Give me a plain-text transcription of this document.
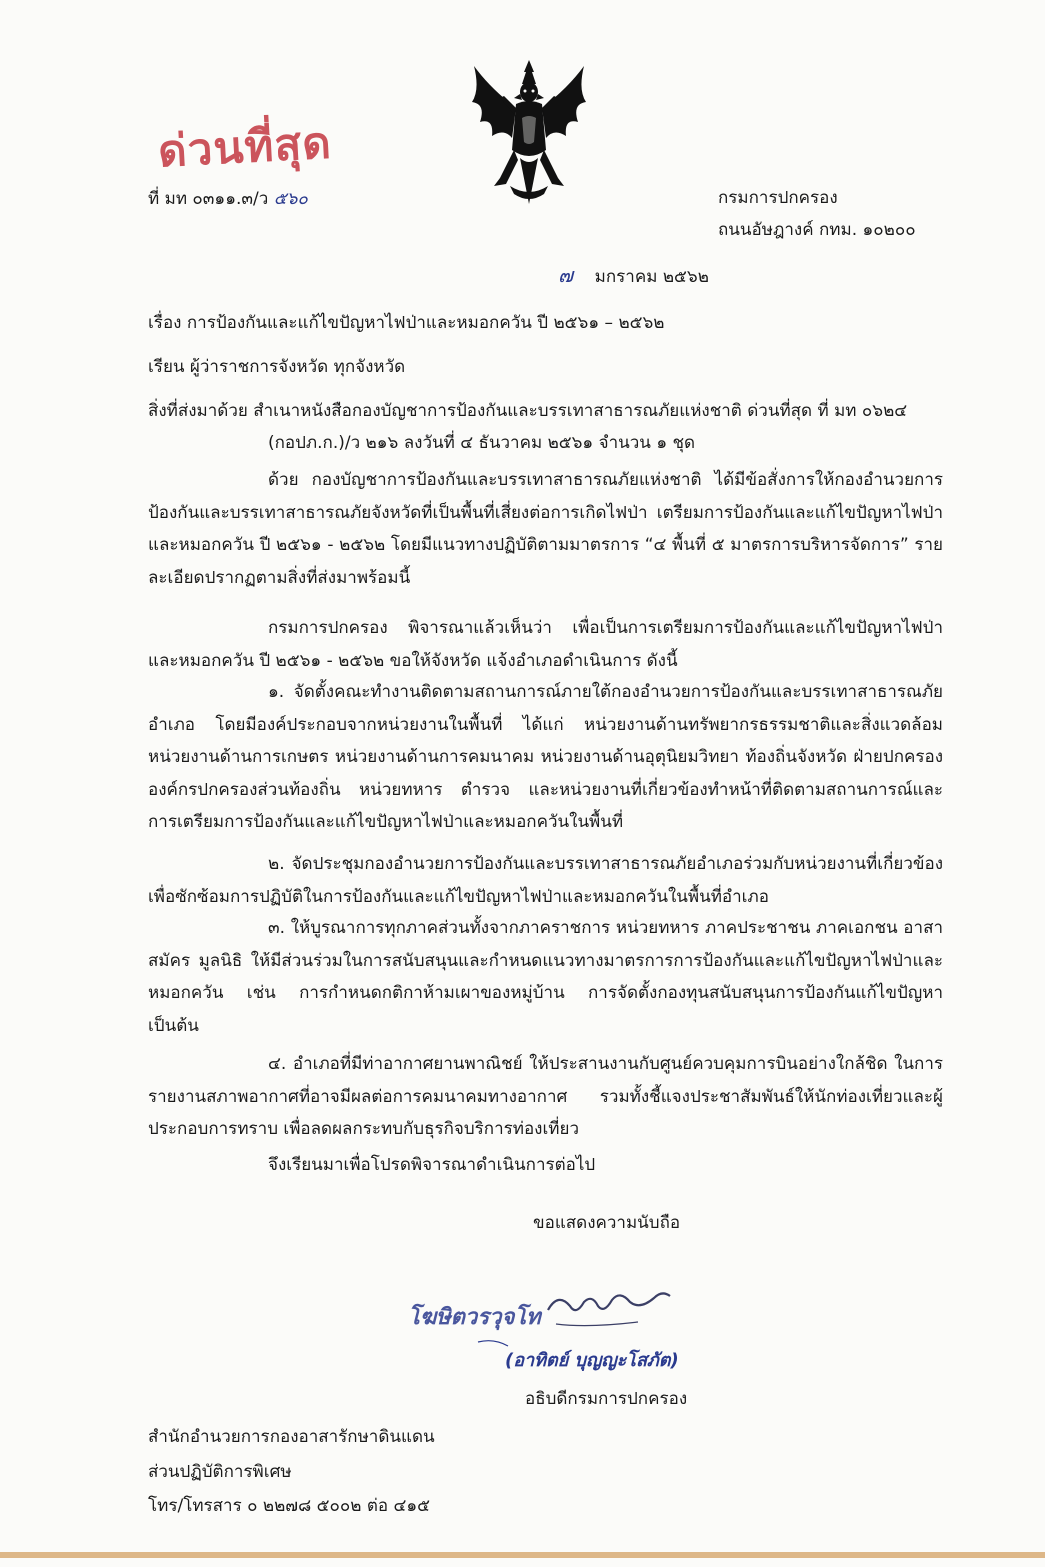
ด่วนที่สุด
ที่ มท ๐๓๑๑.๓/ว ๕๖๐	กรมการปกครอง
ถนนอัษฎางค์ กทม. ๑๐๒๐๐
๗ มกราคม ๒๕๖๒
เรื่อง การป้องกันและแก้ไขปัญหาไฟป่าและหมอกควัน ปี ๒๕๖๑ – ๒๕๖๒
เรียน ผู้ว่าราชการจังหวัด ทุกจังหวัด
สิ่งที่ส่งมาด้วย สำเนาหนังสือกองบัญชาการป้องกันและบรรเทาสาธารณภัยแห่งชาติ ด่วนที่สุด ที่ มท ๐๖๒๔
(กอปภ.ก.)/ว ๒๑๖ ลงวันที่ ๔ ธันวาคม ๒๕๖๑ จำนวน ๑ ชุด
ด้วย กองบัญชาการป้องกันและบรรเทาสาธารณภัยแห่งชาติ ได้มีข้อสั่งการให้กองอำนวยการป้องกันและบรรเทาสาธารณภัยจังหวัดที่เป็นพื้นที่เสี่ยงต่อการเกิดไฟป่า เตรียมการป้องกันและแก้ไขปัญหาไฟป่าและหมอกควัน ปี ๒๕๖๑ - ๒๕๖๒ โดยมีแนวทางปฏิบัติตามมาตรการ “๔ พื้นที่ ๕ มาตรการบริหารจัดการ” รายละเอียดปรากฏตามสิ่งที่ส่งมาพร้อมนี้
กรมการปกครอง พิจารณาแล้วเห็นว่า เพื่อเป็นการเตรียมการป้องกันและแก้ไขปัญหาไฟป่าและหมอกควัน ปี ๒๕๖๑ - ๒๕๖๒ ขอให้จังหวัด แจ้งอำเภอดำเนินการ ดังนี้
๑. จัดตั้งคณะทำงานติดตามสถานการณ์ภายใต้กองอำนวยการป้องกันและบรรเทาสาธารณภัยอำเภอ โดยมีองค์ประกอบจากหน่วยงานในพื้นที่ ได้แก่ หน่วยงานด้านทรัพยากรธรรมชาติและสิ่งแวดล้อม หน่วยงานด้านการเกษตร หน่วยงานด้านการคมนาคม หน่วยงานด้านอุตุนิยมวิทยา ท้องถิ่นจังหวัด ฝ่ายปกครอง องค์กรปกครองส่วนท้องถิ่น หน่วยทหาร ตำรวจ และหน่วยงานที่เกี่ยวข้องทำหน้าที่ติดตามสถานการณ์และการเตรียมการป้องกันและแก้ไขปัญหาไฟป่าและหมอกควันในพื้นที่
๒. จัดประชุมกองอำนวยการป้องกันและบรรเทาสาธารณภัยอำเภอร่วมกับหน่วยงานที่เกี่ยวข้อง เพื่อซักซ้อมการปฏิบัติในการป้องกันและแก้ไขปัญหาไฟป่าและหมอกควันในพื้นที่อำเภอ
๓. ให้บูรณาการทุกภาคส่วนทั้งจากภาคราชการ หน่วยทหาร ภาคประชาชน ภาคเอกชน อาสาสมัคร มูลนิธิ ให้มีส่วนร่วมในการสนับสนุนและกำหนดแนวทางมาตรการการป้องกันและแก้ไขปัญหาไฟป่าและหมอกควัน เช่น การกำหนดกติกาห้ามเผาของหมู่บ้าน การจัดตั้งกองทุนสนับสนุนการป้องกันแก้ไขปัญหา เป็นต้น
๔. อำเภอที่มีท่าอากาศยานพาณิชย์ ให้ประสานงานกับศูนย์ควบคุมการบินอย่างใกล้ชิด ในการรายงานสภาพอากาศที่อาจมีผลต่อการคมนาคมทางอากาศ รวมทั้งชี้แจงประชาสัมพันธ์ให้นักท่องเที่ยวและผู้ประกอบการทราบ เพื่อลดผลกระทบกับธุรกิจบริการท่องเที่ยว
จึงเรียนมาเพื่อโปรดพิจารณาดำเนินการต่อไป
ขอแสดงความนับถือ
โฆษิตวรวุจโท
(อาทิตย์ บุญญะโสภัต)
อธิบดีกรมการปกครอง
สำนักอำนวยการกองอาสารักษาดินแดน
ส่วนปฏิบัติการพิเศษ
โทร/โทรสาร ๐ ๒๒๗๘ ๕๐๐๒ ต่อ ๔๑๕
